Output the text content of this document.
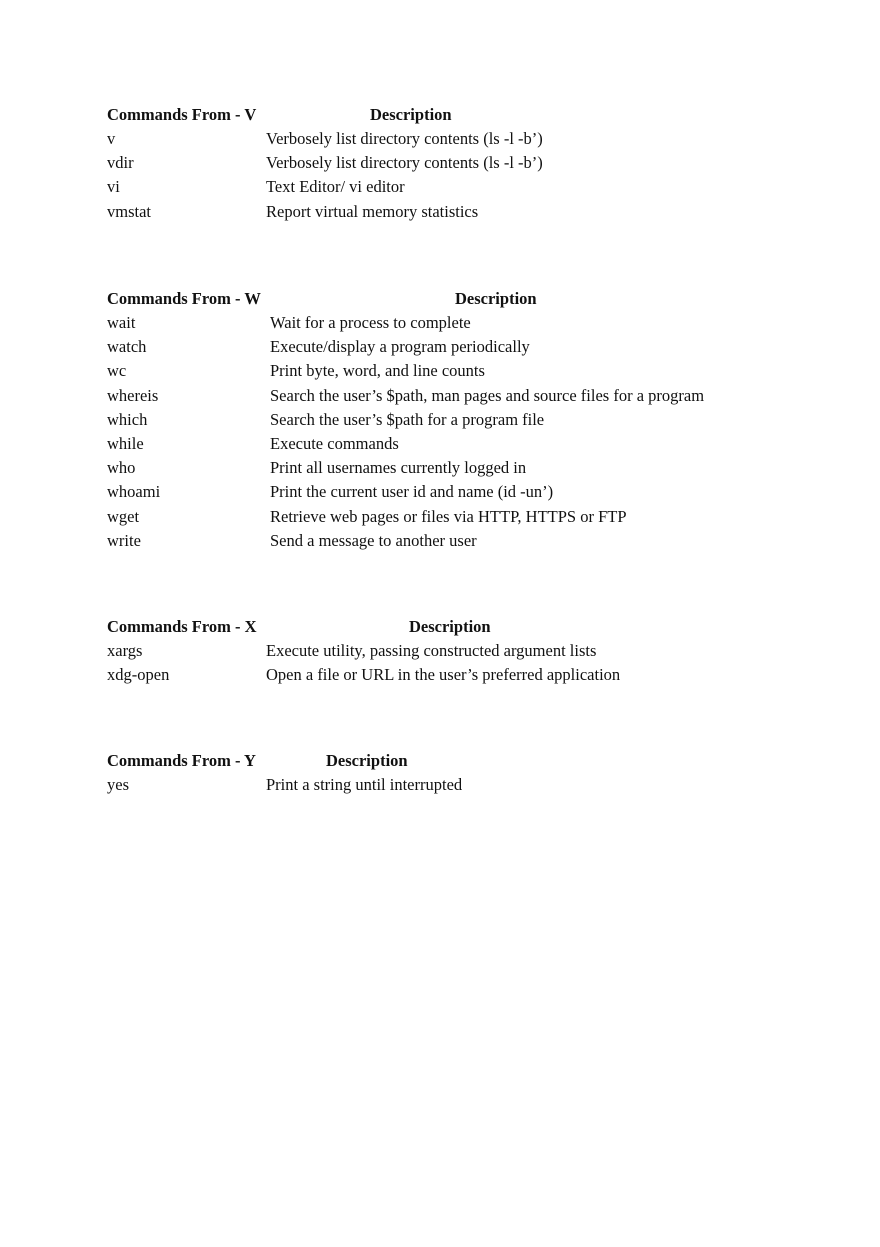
Commands From - V	Description
v	Verbosely list directory contents (ls -l -b’)
vdir	Verbosely list directory contents (ls -l -b’)
vi	Text Editor/ vi editor
vmstat	Report virtual memory statistics
Commands From - W	Description
wait	Wait for a process to complete
watch	Execute/display a program periodically
wc	Print byte, word, and line counts
whereis	Search the user’s $path, man pages and source files for a program
which	Search the user’s $path for a program file
while	Execute commands
who	Print all usernames currently logged in
whoami	Print the current user id and name (id -un’)
wget	Retrieve web pages or files via HTTP, HTTPS or FTP
write	Send a message to another user
Commands From - X	Description
xargs	Execute utility, passing constructed argument lists
xdg-open	Open a file or URL in the user’s preferred application
Commands From - Y	Description
yes	Print a string until interrupted
